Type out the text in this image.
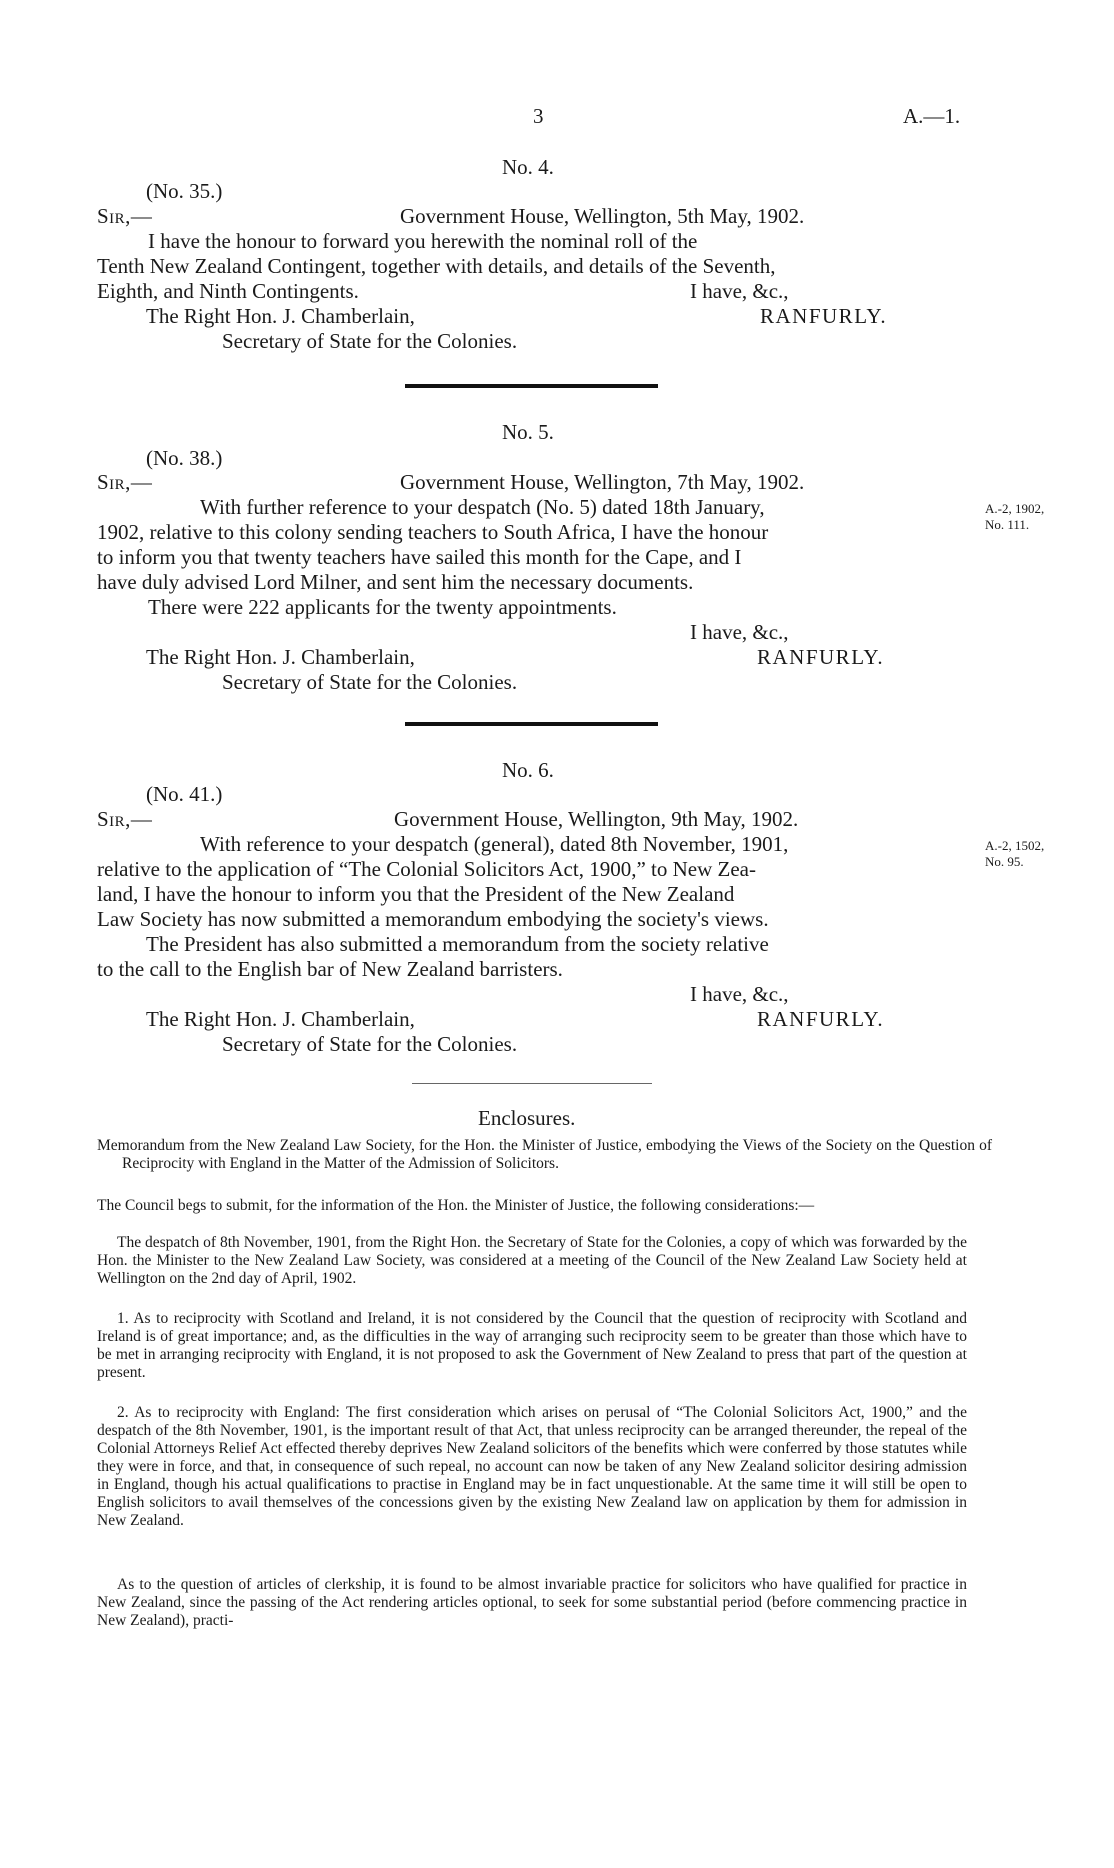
3	A.—1.
No. 4.
(No. 35.)
Sir,—	Government House, Wellington, 5th May, 1902.
I have the honour to forward you herewith the nominal roll of the
Tenth New Zealand Contingent, together with details, and details of the Seventh,
Eighth, and Ninth Contingents.	I have, &c.,
The Right Hon. J. Chamberlain,	RANFURLY.
Secretary of State for the Colonies.
No. 5.
(No. 38.)
Sir,—	Government House, Wellington, 7th May, 1902.
With further reference to your despatch (No. 5) dated 18th January,
1902, relative to this colony sending teachers to South Africa, I have the honour
to inform you that twenty teachers have sailed this month for the Cape, and I
have duly advised Lord Milner, and sent him the necessary documents.
There were 222 applicants for the twenty appointments.
A.-2, 1902,
No. 111.
I have, &c.,
The Right Hon. J. Chamberlain,	RANFURLY.
Secretary of State for the Colonies.
No. 6.
(No. 41.)
Sir,—	Government House, Wellington, 9th May, 1902.
With reference to your despatch (general), dated 8th November, 1901,
relative to the application of “The Colonial Solicitors Act, 1900,” to New Zea-
land, I have the honour to inform you that the President of the New Zealand
Law Society has now submitted a memorandum embodying the society's views.
The President has also submitted a memorandum from the society relative
to the call to the English bar of New Zealand barristers.
A.-2, 1502,
No. 95.
I have, &c.,
The Right Hon. J. Chamberlain,	RANFURLY.
Secretary of State for the Colonies.
Enclosures.
Memorandum from the New Zealand Law Society, for the Hon. the Minister of Justice, embodying the Views of the Society on the Question of Reciprocity with England in the Matter of the Admission of Solicitors.
The Council begs to submit, for the information of the Hon. the Minister of Justice, the following considerations:—
The despatch of 8th November, 1901, from the Right Hon. the Secretary of State for the Colonies, a copy of which was forwarded by the Hon. the Minister to the New Zealand Law Society, was considered at a meeting of the Council of the New Zealand Law Society held at Wellington on the 2nd day of April, 1902.
1. As to reciprocity with Scotland and Ireland, it is not considered by the Council that the question of reciprocity with Scotland and Ireland is of great importance; and, as the difficulties in the way of arranging such reciprocity seem to be greater than those which have to be met in arranging reciprocity with England, it is not proposed to ask the Government of New Zealand to press that part of the question at present.
2. As to reciprocity with England: The first consideration which arises on perusal of “The Colonial Solicitors Act, 1900,” and the despatch of the 8th November, 1901, is the important result of that Act, that unless reciprocity can be arranged thereunder, the repeal of the Colonial Attorneys Relief Act effected thereby deprives New Zealand solicitors of the benefits which were conferred by those statutes while they were in force, and that, in consequence of such repeal, no account can now be taken of any New Zealand solicitor desiring admission in England, though his actual qualifications to practise in England may be in fact unquestionable. At the same time it will still be open to English solicitors to avail themselves of the concessions given by the existing New Zealand law on application by them for admission in New Zealand.
As to the question of articles of clerkship, it is found to be almost invariable practice for solicitors who have qualified for practice in New Zealand, since the passing of the Act rendering articles optional, to seek for some substantial period (before commencing practice in New Zealand), practi-
